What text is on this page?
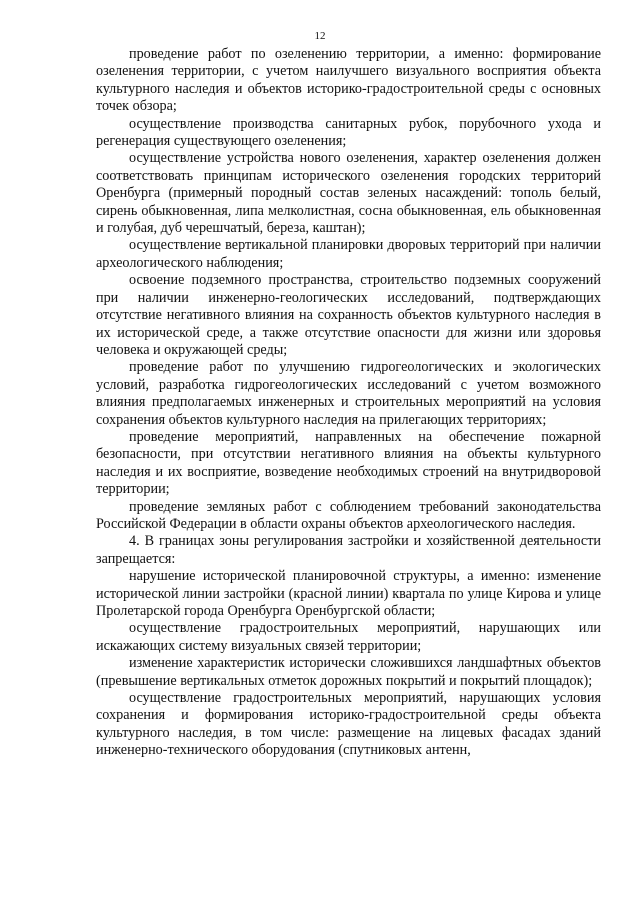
12

проведение работ по озеленению территории, а именно: формирование озеленения территории, с учетом наилучшего визуального восприятия объекта культурного наследия и объектов историко-градостроительной среды с основных точек обзора;

осуществление производства санитарных рубок, порубочного ухода и регенерация существующего озеленения;

осуществление устройства нового озеленения, характер озеленения должен соответствовать принципам исторического озеленения городских территорий Оренбурга (примерный породный состав зеленых насаждений: тополь белый, сирень обыкновенная, липа мелколистная, сосна обыкновенная, ель обыкновенная и голубая, дуб черешчатый, береза, каштан);

осуществление вертикальной планировки дворовых территорий при наличии археологического наблюдения;

освоение подземного пространства, строительство подземных сооружений при наличии инженерно-геологических исследований, подтверждающих отсутствие негативного влияния на сохранность объектов культурного наследия в их исторической среде, а также отсутствие опасности для жизни или здоровья человека и окружающей среды;

проведение работ по улучшению гидрогеологических и экологических условий, разработка гидрогеологических исследований с учетом возможного влияния предполагаемых инженерных и строительных мероприятий на условия сохранения объектов культурного наследия на прилегающих территориях;

проведение мероприятий, направленных на обеспечение пожарной безопасности, при отсутствии негативного влияния на объекты культурного наследия и их восприятие, возведение необходимых строений на внутридворовой территории;

проведение земляных работ с соблюдением требований законодательства Российской Федерации в области охраны объектов археологического наследия.

4. В границах зоны регулирования застройки и хозяйственной деятельности запрещается:

нарушение исторической планировочной структуры, а именно: изменение исторической линии застройки (красной линии) квартала по улице Кирова и улице Пролетарской города Оренбурга Оренбургской области;

осуществление градостроительных мероприятий, нарушающих или искажающих систему визуальных связей территории;

изменение характеристик исторически сложившихся ландшафтных объектов (превышение вертикальных отметок дорожных покрытий и покрытий площадок);

осуществление градостроительных мероприятий, нарушающих условия сохранения и формирования историко-градостроительной среды объекта культурного наследия, в том числе: размещение на лицевых фасадах зданий инженерно-технического оборудования (спутниковых антенн,
